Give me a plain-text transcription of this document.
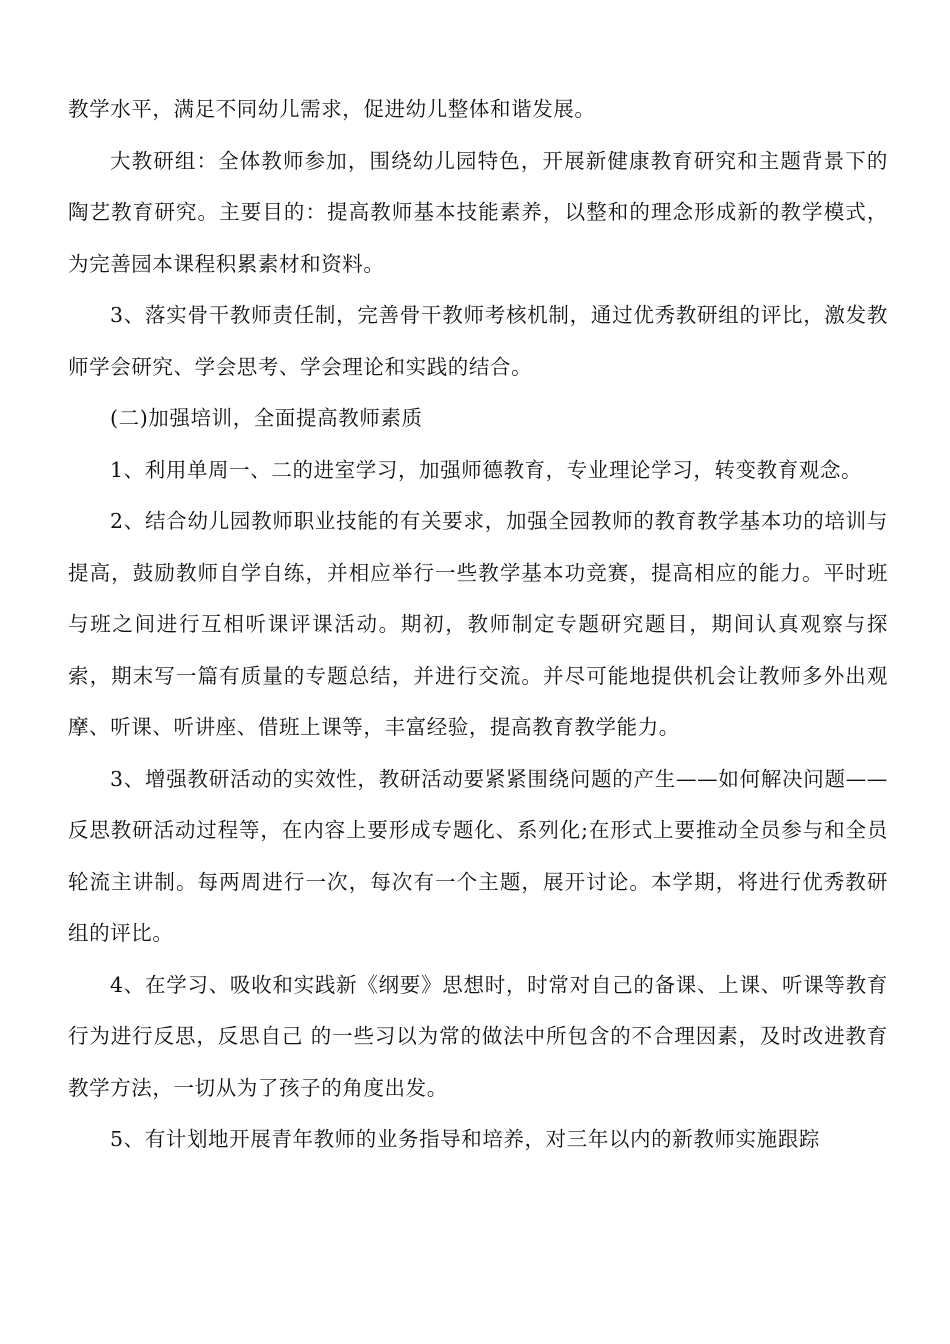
教学水平，满足不同幼儿需求，促进幼儿整体和谐发展。

大教研组：全体教师参加，围绕幼儿园特色，开展新健康教育研究和主题背景下的陶艺教育研究。主要目的：提高教师基本技能素养，以整和的理念形成新的教学模式，为完善园本课程积累素材和资料。

3、落实骨干教师责任制，完善骨干教师考核机制，通过优秀教研组的评比，激发教师学会研究、学会思考、学会理论和实践的结合。

(二)加强培训，全面提高教师素质

1、利用单周一、二的进室学习，加强师德教育，专业理论学习，转变教育观念。

2、结合幼儿园教师职业技能的有关要求，加强全园教师的教育教学基本功的培训与提高，鼓励教师自学自练，并相应举行一些教学基本功竞赛，提高相应的能力。平时班与班之间进行互相听课评课活动。期初，教师制定专题研究题目，期间认真观察与探索，期末写一篇有质量的专题总结，并进行交流。并尽可能地提供机会让教师多外出观摩、听课、听讲座、借班上课等，丰富经验，提高教育教学能力。

3、增强教研活动的实效性，教研活动要紧紧围绕问题的产生——如何解决问题——反思教研活动过程等，在内容上要形成专题化、系列化;在形式上要推动全员参与和全员轮流主讲制。每两周进行一次，每次有一个主题，展开讨论。本学期，将进行优秀教研组的评比。

4、在学习、吸收和实践新《纲要》思想时，时常对自己的备课、上课、听课等教育行为进行反思，反思自己 的一些习以为常的做法中所包含的不合理因素，及时改进教育教学方法，一切从为了孩子的角度出发。

5、有计划地开展青年教师的业务指导和培养，对三年以内的新教师实施跟踪
